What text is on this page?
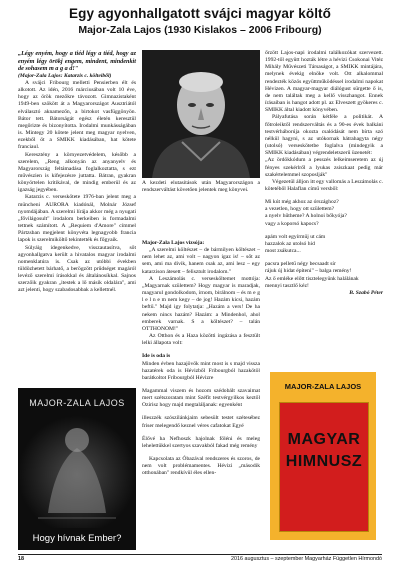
Egy agyonhallgatott svájci magyar költő
Major-Zala Lajos (1930 Kislakos – 2006 Fribourg)

„Légy enyém, hogy a tiéd légy a tiéd, hogy az enyém légy örökj engem, mindent, mindenkit de sohasem m a g a d!"

(Major-Zala Lajos: Katarzis c. költeiből)

A svájci Fribourg melletti Pensierben élt és alkotott. Az idén, 2016 márciusában volt 10 éve, hogy az örök mezőkre távozott. Gimnazistaként 1949-ben szökött át a Magyarországot Ausztriától elválasztó aknamezőn, a birtokot vasfüggönyön. Bátor tett. Bátorságát egész életén keresztül megőrizte és bizonyította. Irodalmi munkásságában is. Mintegy 20 kötete jelent meg magyar nyelven, ezekből öt a SMIKK kiadásában, hat kötete franciaul.

Keresztény a környezetvédelem, később a szerelem, „Reng alkonyán az anyanyelv és Magyarország feltámadása foglalkoztatta, s ezt művészien is kifejezésre juttatta. Bátran, gyakran könyörtelen kritikával, de mindig emberül és az igazság jegyében.

Katarzis c. verseskötete 1976-ban jelent meg a müncheni AURORA kiadónál, Molnár József nyomdájában. A szerelmi lírája akkor még a nyugati „fővilágosult" irodalom berkeiben is formadalmi tettnek számított. A „Requiem d'Amore" címmel Pártzsban megjelent könyvéta legnagyobb francia lapok is szerelmiköltő tekintették és főgyaik.

Súlyáig idegenkedve, visszautasítva, sőt agyonhallgatva került a hivatalos magyar irodalmi nomenklatúra is. Csak az utóbbi években tüldözhetett bárhatő, a berögzött prűdséget magáról levéző szerelmi írásokkal és általánosíkkal. Sajnos szerzőik gyakran „itestek a lő másik oldalára", ami azt jelenti, hogy szabadosabbak a kellettnél.

MAJOR-ZALA LAJOS
Hogy hívnak Ember?
A kezdeti elutasítások után Magyarországon a rendszerváltást követően jelentek meg könyvei.

Major-Zala Lajos vizsója:

„A szerelmi költészet – de bármilyen költészet – nem lehet az, ami volt – nagyon igaz is! – sőt az sem, ami ma divik, hanem csak az, ami lesz – egy katarzison átesett – felisztult irodalom."

A Leszámolás c. versesköltemet mottója: „Magyarnak születtem? Hogy magyar is maradjak, magyarul gondolkodom, írnom, birálnom – és m e g l e l n e m nem kegy – de jog! Hazám kicsi, hazám beftű." Majd igy folytatja: „Hazám a vers! De ha nekem nincs hazám? Hazám: a Mindenhol, ahol emberek varnak. S a költészet? – talán OTTHONOM!"

Az Otthon és a Haza közötti ingázása a fesztült lelki állapota volt:

Ide is oda is

Minden évben hazajövök mint most is s majd vissza hazatérek oda is Hévizből Fribourgból hazakötöl barátkoltot Fribourgból Hévizre

Magammal viszem és hozom szédobált szavaimat mert szétszoratam mint Széfit testvérgyilkos keztől Ozirisz hogy majd megtaláljanak: egyenként

illeszzék szószilánkjaim sebesült testet szétesébez friser melegendő keznel véres cafatokat Egyé

Élővé ha Nefhoszk hajolnak föléni és meleg lehelettükkel szertyos szavakból fakad még remény

Kapcsolata az Óbazával rendszeres és szoros, de nem volt problémamentes. Hévizi „második otthonában" rendkívül éles ellen-

őrzött Lajos-napi irodalmi találkozókat szervezett. 1992-től együtt hozták létre a hévizi Csokonai Vitéz Mihály Művészeti Társaságot, a SMIKK mintájára, melynek évekig elnöke volt. Ott alkalommal rendezték közös együttműködéssel irodalmi napokat Hévizen. A magyar-magyar diálógust sürgette ő is, de nem találtak meg a kellő visszhangot. Ennek írásaiban is hangot adott pl. az Elveszett gyökeres c. SMIKK által kiadott könyvében.

Pályafutása során kétféle a politikát. A főtroleiktől rendszerváltás és a 90-es évek balkáni testvérháborúja okozta csalódását nem bírta szó nélkül hagyni, s az utókornak hátrahagyta négy (utolsó) verseskötetbe foglalva (mindegyik a SMIKK kiadásában) végrendeletszerű üzenetét:

„Az ördökkódum a pesszés lelkeimseretem az új fényes szekérlről a lyukas zsiszkaat pedig már szakértelemmel szoposlják"

Végezetül álljon itt egy vallomás a Leszámolás c. kötetéből Halaflan című versből:

Mi kút még akhoz az órszághoz?

a vezetlen, hogy ott születtem?

a nyelv hűtheme? A holnoi bőkyója?

vagy a koporsó kapocs?

apám volt egyírmüj ut cám

hazzalok az utolsó hid

most zsákutca...

pacsra pelletű négy becsaadt sír

rájuk új hidat építeni" – balga remény!

Az ő emléke előtt tisztelegyünk halálának

mennyi tasztlő kéz!

B. Szabó Péter

MAJOR-ZALA LAJOS
MAGYAR
HIMNUSZ
18	2016 augusztus – szeptember Magyarház Független Hírmondó
